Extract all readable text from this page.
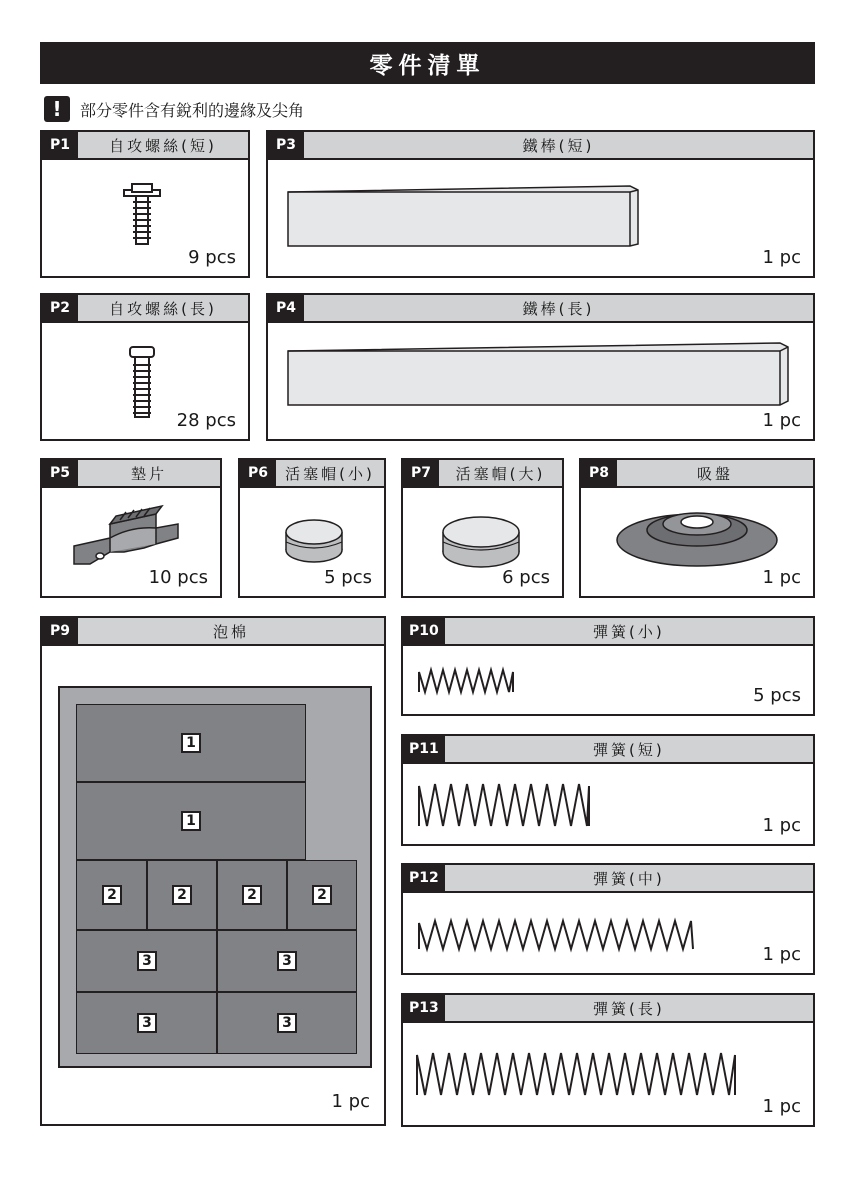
零件清單
!	部分零件含有銳利的邊緣及尖角
P1	自攻螺絲(短)
9 pcs
P3	鐵棒(短)
1 pc
P2	自攻螺絲(長)
28 pcs
P4	鐵棒(長)
1 pc
P5	墊片
10 pcs
P6	活塞帽(小)
5 pcs
P7	活塞帽(大)
6 pcs
P8	吸盤
1 pc
P9	泡棉
1
1
2	2	2	2
3	3
3	3
1 pc
P10	彈簧(小)
5 pcs
P11	彈簧(短)
1 pc
P12	彈簧(中)
1 pc
P13	彈簧(長)
1 pc
